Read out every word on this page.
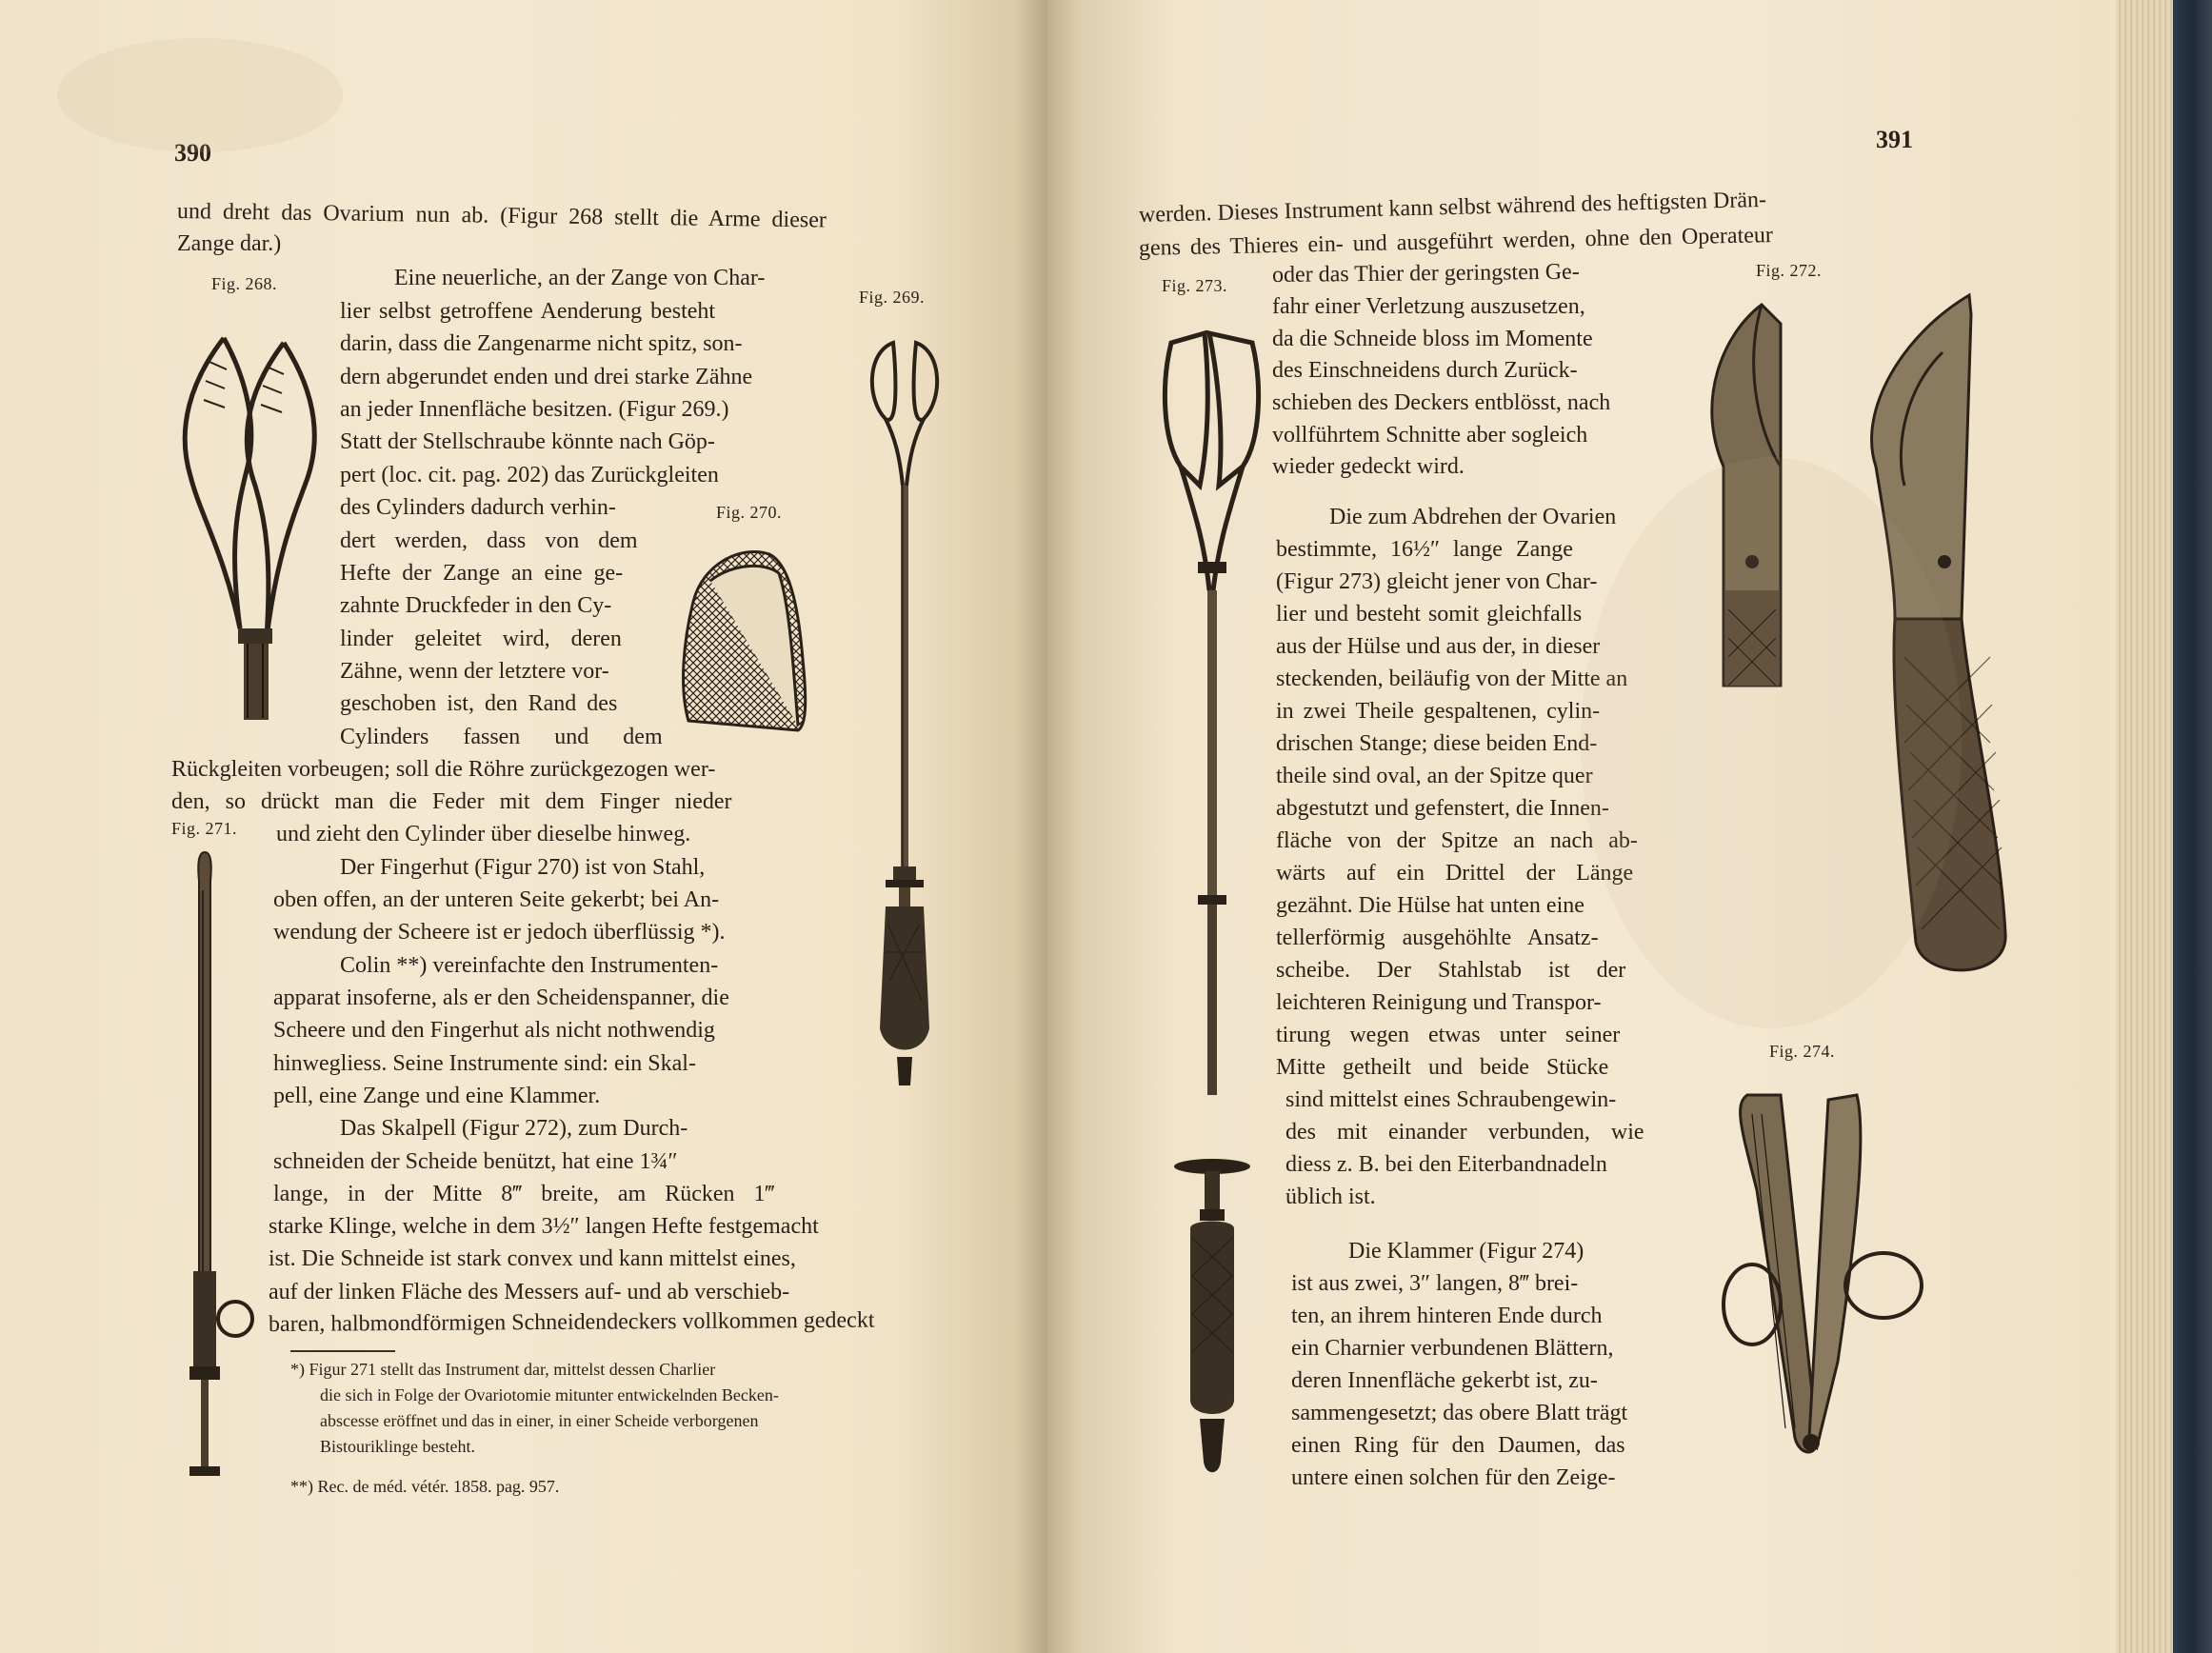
390
und dreht das Ovarium nun ab. (Figur 268 stellt die Arme dieser
Zange dar.)
Eine neuerliche, an der Zange von Char-
lier selbst getroffene Aenderung besteht
darin, dass die Zangenarme nicht spitz, son-
dern abgerundet enden und drei starke Zähne
an jeder Innenfläche besitzen. (Figur 269.)
Statt der Stellschraube könnte nach Göp-
pert (loc. cit. pag. 202) das Zurückgleiten
des Cylinders dadurch verhin-
dert werden, dass von dem
Hefte der Zange an eine ge-
zahnte Druckfeder in den Cy-
linder geleitet wird, deren
Zähne, wenn der letztere vor-
geschoben ist, den Rand des
Cylinders fassen und dem
Rückgleiten vorbeugen; soll die Röhre zurückgezogen wer-
den, so drückt man die Feder mit dem Finger nieder
und zieht den Cylinder über dieselbe hinweg.
Der Fingerhut (Figur 270) ist von Stahl,
oben offen, an der unteren Seite gekerbt; bei An-
wendung der Scheere ist er jedoch überflüssig *).
Colin **) vereinfachte den Instrumenten-
apparat insoferne, als er den Scheidenspanner, die
Scheere und den Fingerhut als nicht nothwendig
hinwegliess. Seine Instrumente sind: ein Skal-
pell, eine Zange und eine Klammer.
Das Skalpell (Figur 272), zum Durch-
schneiden der Scheide benützt, hat eine 1¾″
lange, in der Mitte 8‴ breite, am Rücken 1‴
starke Klinge, welche in dem 3½″ langen Hefte festgemacht
ist. Die Schneide ist stark convex und kann mittelst eines,
auf der linken Fläche des Messers auf- und ab verschieb-
baren, halbmondförmigen Schneidendeckers vollkommen gedeckt
*) Figur 271 stellt das Instrument dar, mittelst dessen Charlier
die sich in Folge der Ovariotomie mitunter entwickelnden Becken-
abscesse eröffnet und das in einer, in einer Scheide verborgenen
Bistouriklinge besteht.
**) Rec. de méd. vétér. 1858. pag. 957.
Fig. 268.
Fig. 269.
Fig. 270.
Fig. 271.
391
werden. Dieses Instrument kann selbst während des heftigsten Drän-
gens des Thieres ein- und ausgeführt werden, ohne den Operateur
oder das Thier der geringsten Ge-
fahr einer Verletzung auszusetzen,
da die Schneide bloss im Momente
des Einschneidens durch Zurück-
schieben des Deckers entblösst, nach
vollführtem Schnitte aber sogleich
wieder gedeckt wird.
Die zum Abdrehen der Ovarien
bestimmte, 16½″ lange Zange
(Figur 273) gleicht jener von Char-
lier und besteht somit gleichfalls
aus der Hülse und aus der, in dieser
steckenden, beiläufig von der Mitte an
in zwei Theile gespaltenen, cylin-
drischen Stange; diese beiden End-
theile sind oval, an der Spitze quer
abgestutzt und gefenstert, die Innen-
fläche von der Spitze an nach ab-
wärts auf ein Drittel der Länge
gezähnt. Die Hülse hat unten eine
tellerförmig ausgehöhlte Ansatz-
scheibe. Der Stahlstab ist der
leichteren Reinigung und Transpor-
tirung wegen etwas unter seiner
Mitte getheilt und beide Stücke
sind mittelst eines Schraubengewin-
des mit einander verbunden, wie
diess z. B. bei den Eiterbandnadeln
üblich ist.
Die Klammer (Figur 274)
ist aus zwei, 3″ langen, 8‴ brei-
ten, an ihrem hinteren Ende durch
ein Charnier verbundenen Blättern,
deren Innenfläche gekerbt ist, zu-
sammengesetzt; das obere Blatt trägt
einen Ring für den Daumen, das
untere einen solchen für den Zeige-
Fig. 273.
Fig. 272.
Fig. 274.
